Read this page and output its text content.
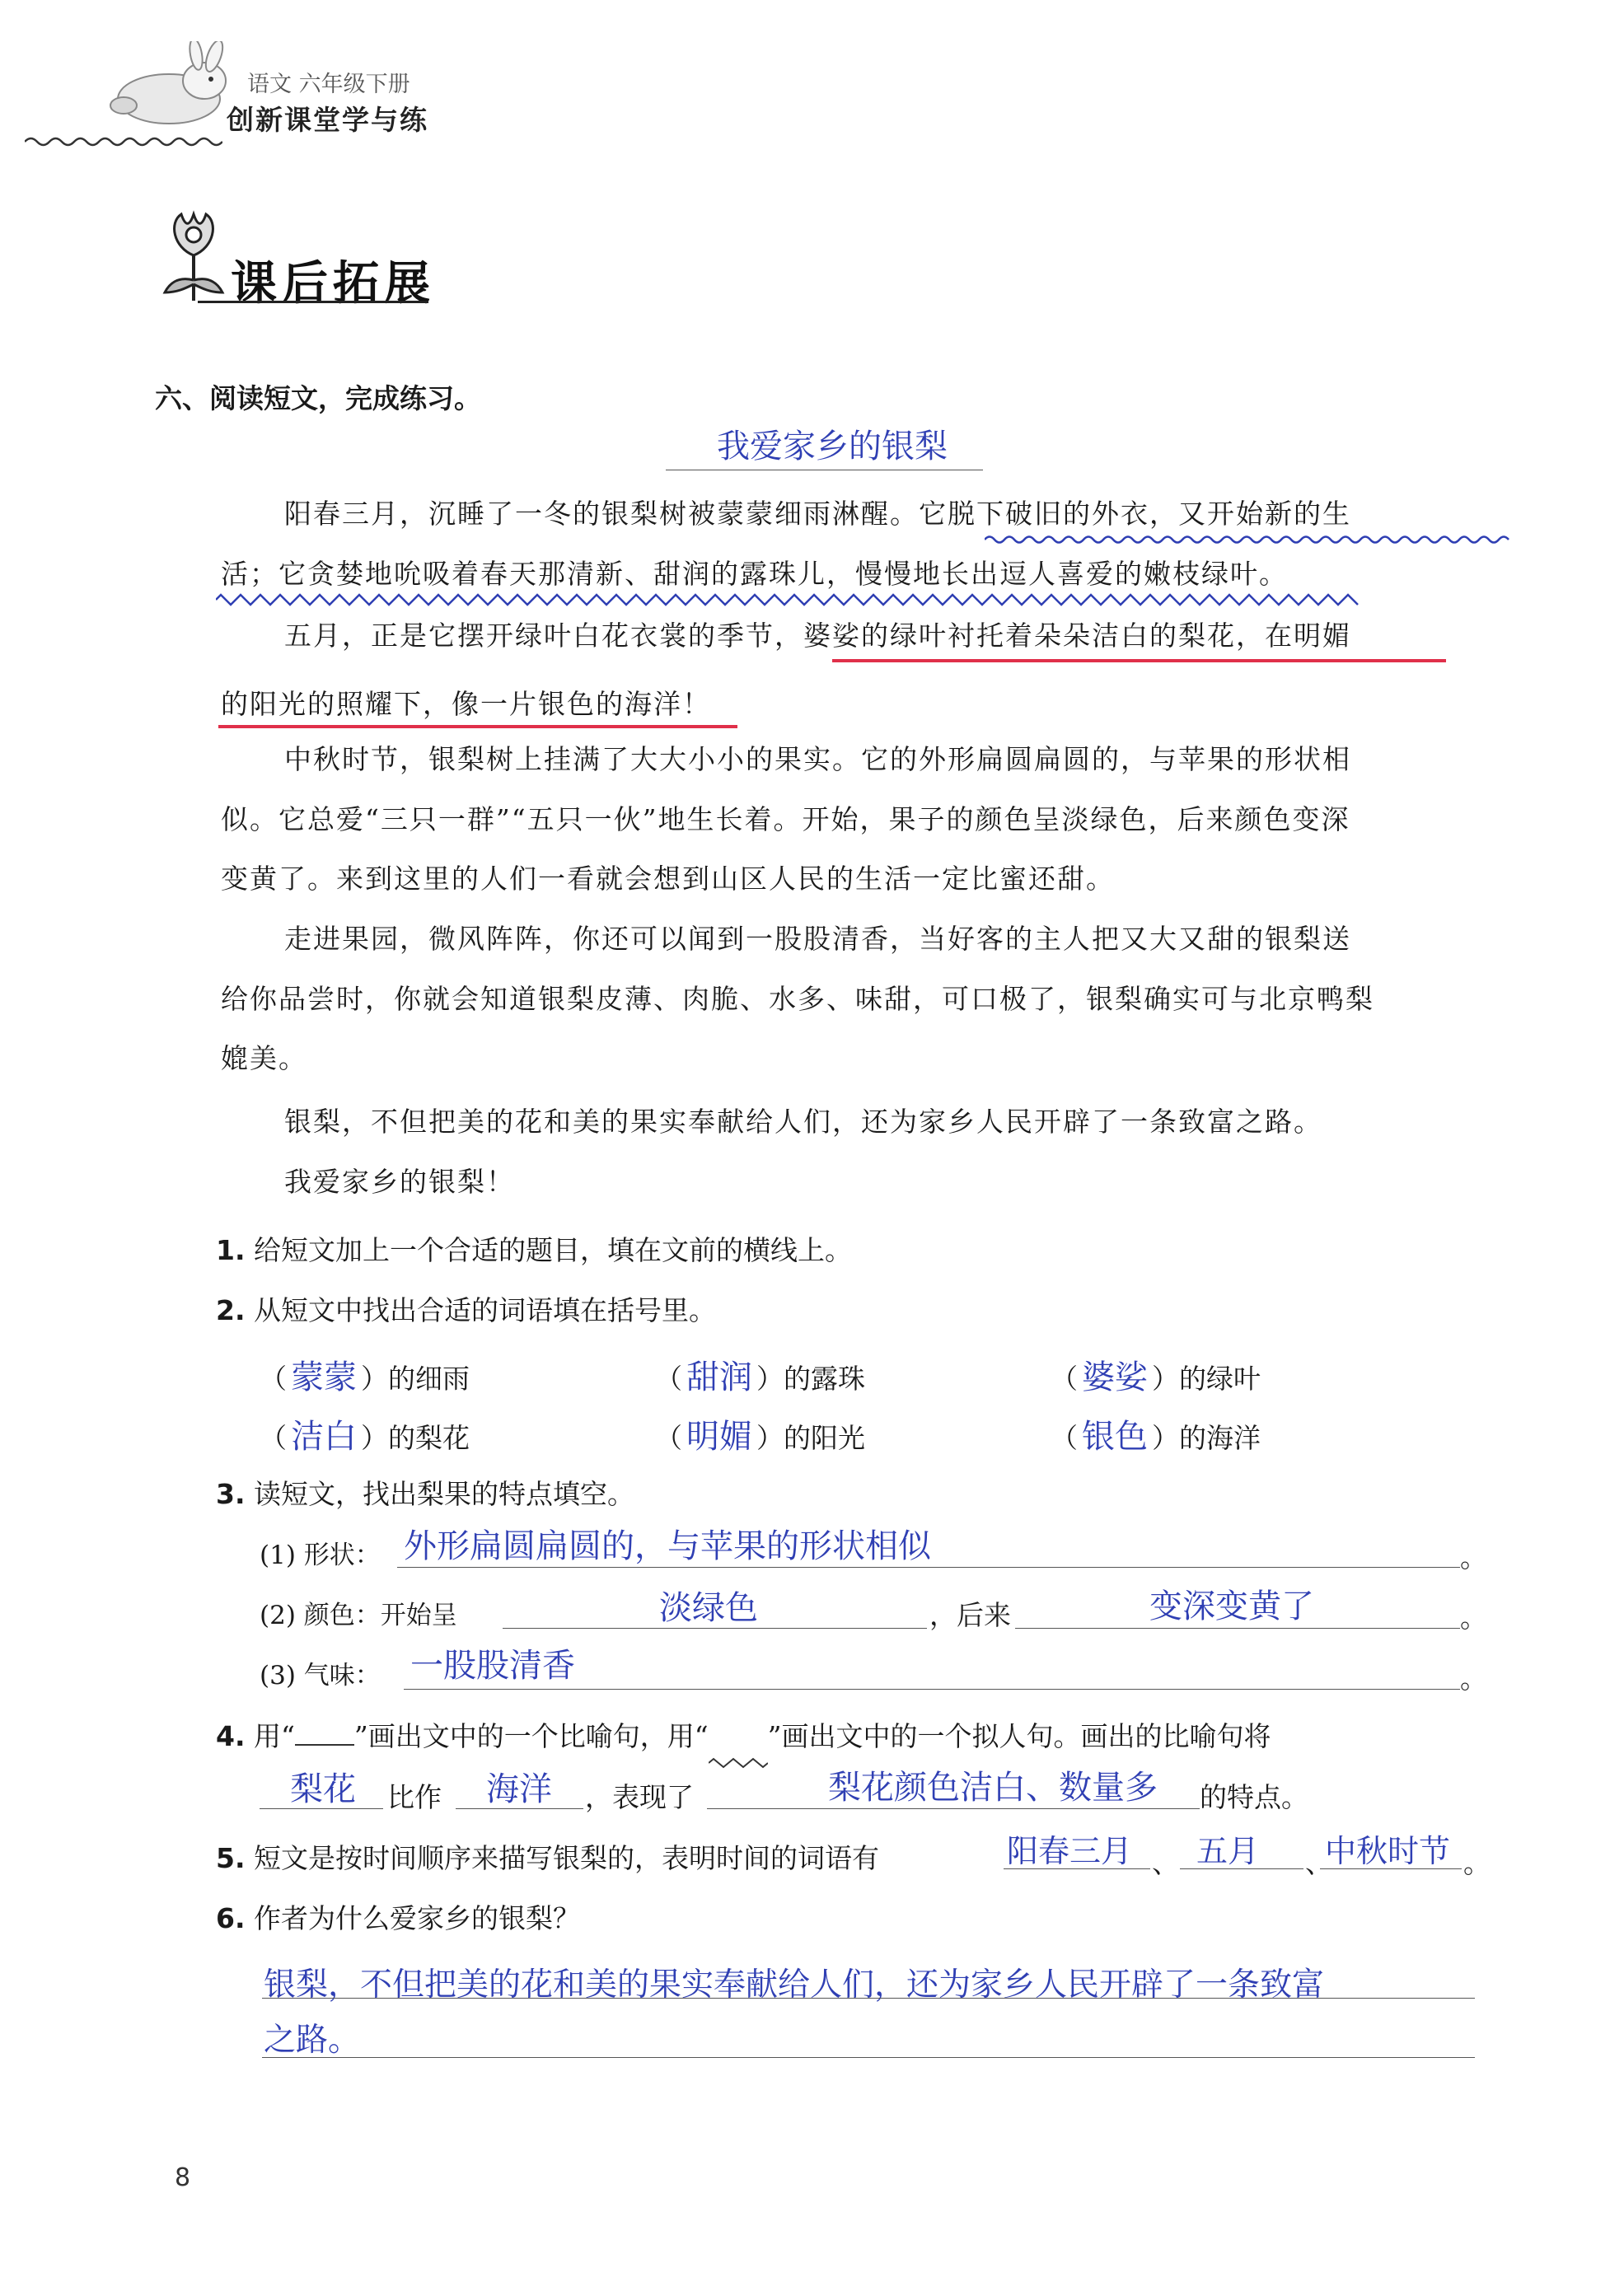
语文 六年级下册
创新课堂学与练
课后拓展
六、阅读短文，完成练习。
我爱家乡的银梨
阳春三月，沉睡了一冬的银梨树被蒙蒙细雨淋醒。它脱下破旧的外衣，又开始新的生
活；它贪婪地吮吸着春天那清新、甜润的露珠儿，慢慢地长出逗人喜爱的嫩枝绿叶。
五月，正是它摆开绿叶白花衣裳的季节，婆娑的绿叶衬托着朵朵洁白的梨花，在明媚
的阳光的照耀下，像一片银色的海洋！
中秋时节，银梨树上挂满了大大小小的果实。它的外形扁圆扁圆的，与苹果的形状相
似。它总爱“三只一群”“五只一伙”地生长着。开始，果子的颜色呈淡绿色，后来颜色变深
变黄了。来到这里的人们一看就会想到山区人民的生活一定比蜜还甜。
走进果园，微风阵阵，你还可以闻到一股股清香，当好客的主人把又大又甜的银梨送
给你品尝时，你就会知道银梨皮薄、肉脆、水多、味甜，可口极了，银梨确实可与北京鸭梨
媲美。
银梨，不但把美的花和美的果实奉献给人们，还为家乡人民开辟了一条致富之路。
我爱家乡的银梨！
1. 给短文加上一个合适的题目，填在文前的横线上。
2. 从短文中找出合适的词语填在括号里。
（ 蒙蒙 ）的细雨	（ 甜润 ）的露珠	（ 婆娑 ）的绿叶
（ 洁白 ）的梨花	（ 明媚 ）的阳光	（ 银色 ）的海洋
3. 读短文，找出梨果的特点填空。
(1) 形状： 外形扁圆扁圆的，与苹果的形状相似	。
(2) 颜色：开始呈	淡绿色	，后来	变深变黄了	。
(3) 气味： 一股股清香	。
4. 用“ ”画出文中的一个比喻句，用“ ”画出文中的一个拟人句。画出的比喻句将
梨花 比作 海洋 ，表现了	梨花颜色洁白、数量多 的特点。
5. 短文是按时间顺序来描写银梨的，表明时间的词语有	阳春三月 、 五月 、
中秋时节 。
6. 作者为什么爱家乡的银梨？
银梨，不但把美的花和美的果实奉献给人们，还为家乡人民开辟了一条致富
之路。
8
